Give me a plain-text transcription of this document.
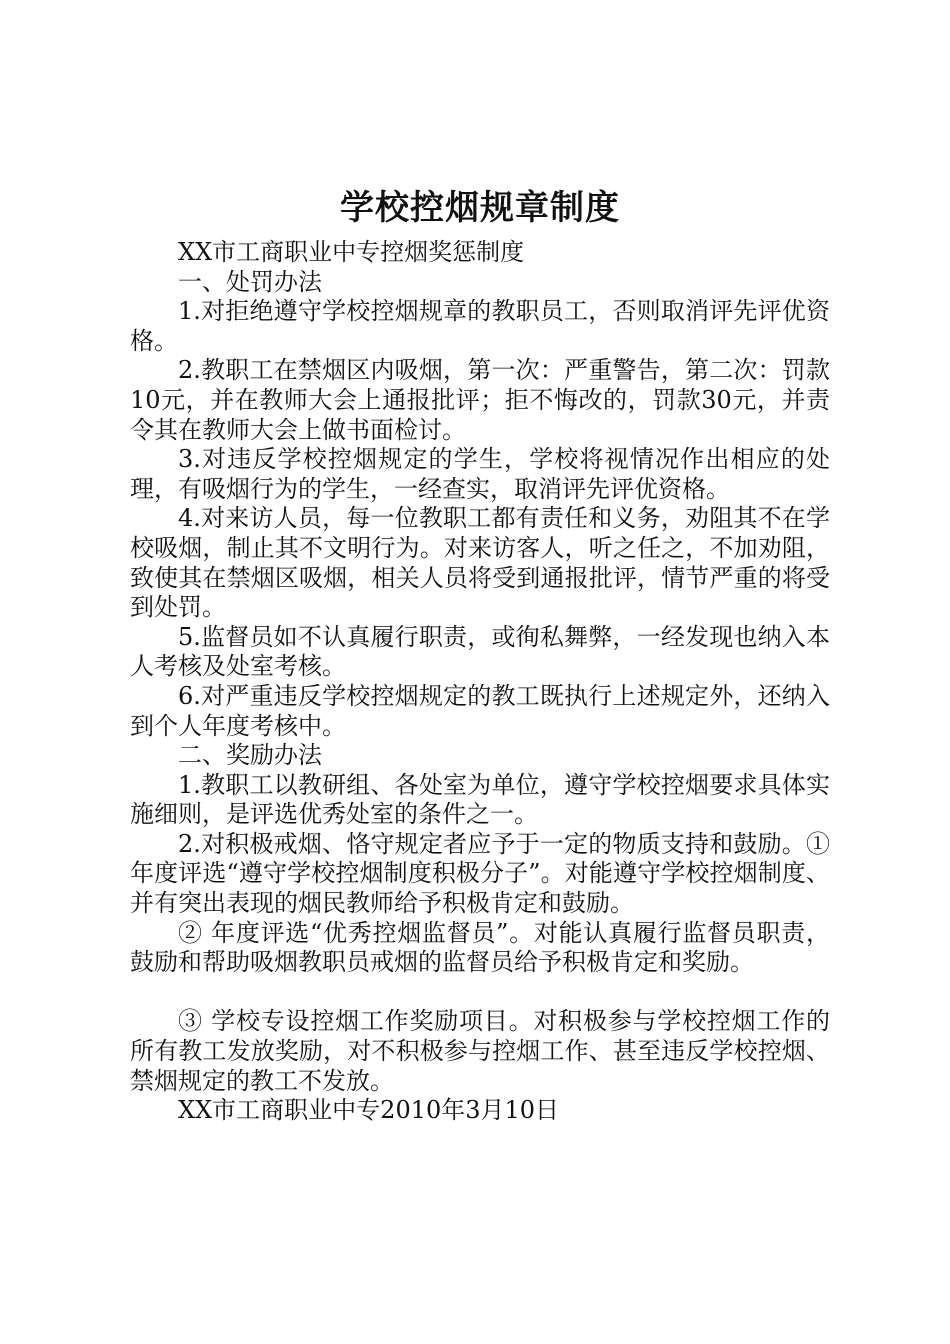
学校控烟规章制度

XX市工商职业中专控烟奖惩制度

一、处罚办法

1.对拒绝遵守学校控烟规章的教职员工，否则取消评先评优资格。

2.教职工在禁烟区内吸烟，第一次：严重警告，第二次：罚款10元，并在教师大会上通报批评；拒不悔改的，罚款30元，并责令其在教师大会上做书面检讨。

3.对违反学校控烟规定的学生，学校将视情况作出相应的处理，有吸烟行为的学生，一经查实，取消评先评优资格。

4.对来访人员，每一位教职工都有责任和义务，劝阻其不在学校吸烟，制止其不文明行为。对来访客人，听之任之，不加劝阻，致使其在禁烟区吸烟，相关人员将受到通报批评，情节严重的将受到处罚。

5.监督员如不认真履行职责，或徇私舞弊，一经发现也纳入本人考核及处室考核。

6.对严重违反学校控烟规定的教工既执行上述规定外，还纳入到个人年度考核中。

二、奖励办法

1.教职工以教研组、各处室为单位，遵守学校控烟要求具体实施细则，是评选优秀处室的条件之一。

2.对积极戒烟、恪守规定者应予于一定的物质支持和鼓励。①年度评选“遵守学校控烟制度积极分子”。对能遵守学校控烟制度、并有突出表现的烟民教师给予积极肯定和鼓励。

② 年度评选“优秀控烟监督员”。对能认真履行监督员职责，鼓励和帮助吸烟教职员戒烟的监督员给予积极肯定和奖励。

③ 学校专设控烟工作奖励项目。对积极参与学校控烟工作的所有教工发放奖励，对不积极参与控烟工作、甚至违反学校控烟、禁烟规定的教工不发放。

XX市工商职业中专2010年3月10日
